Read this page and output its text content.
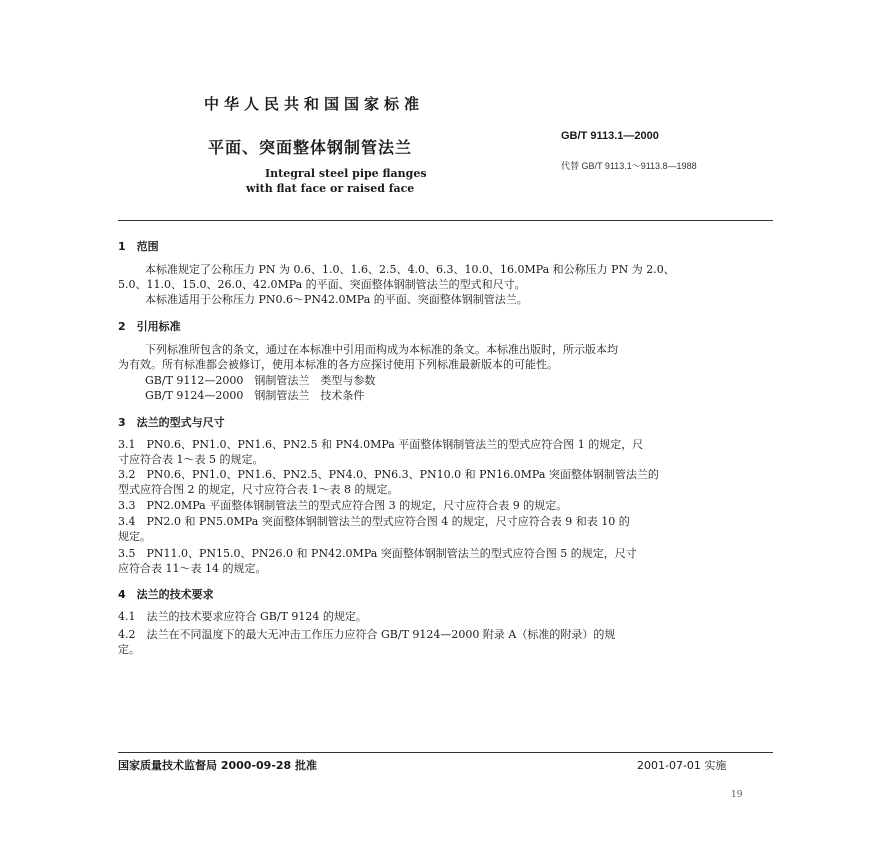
中华人民共和国国家标准
平面、突面整体钢制管法兰
Integral steel pipe flanges
with flat face or raised face
GB/T 9113.1—2000
代替 GB/T 9113.1～9113.8—1988
1　范围
本标准规定了公称压力 PN 为 0.6、1.0、1.6、2.5、4.0、6.3、10.0、16.0MPa 和公称压力 PN 为 2.0、
5.0、11.0、15.0、26.0、42.0MPa 的平面、突面整体钢制管法兰的型式和尺寸。
本标准适用于公称压力 PN0.6～PN42.0MPa 的平面、突面整体钢制管法兰。
2　引用标准
下列标准所包含的条文，通过在本标准中引用而构成为本标准的条文。本标准出版时，所示版本均
为有效。所有标准都会被修订，使用本标准的各方应探讨使用下列标准最新版本的可能性。
GB/T 9112—2000　钢制管法兰　类型与参数
GB/T 9124—2000　钢制管法兰　技术条件
3　法兰的型式与尺寸
3.1　PN0.6、PN1.0、PN1.6、PN2.5 和 PN4.0MPa 平面整体钢制管法兰的型式应符合图 1 的规定，尺
寸应符合表 1～表 5 的规定。
3.2　PN0.6、PN1.0、PN1.6、PN2.5、PN4.0、PN6.3、PN10.0 和 PN16.0MPa 突面整体钢制管法兰的
型式应符合图 2 的规定，尺寸应符合表 1～表 8 的规定。
3.3　PN2.0MPa 平面整体钢制管法兰的型式应符合图 3 的规定，尺寸应符合表 9 的规定。
3.4　PN2.0 和 PN5.0MPa 突面整体钢制管法兰的型式应符合图 4 的规定，尺寸应符合表 9 和表 10 的
规定。
3.5　PN11.0、PN15.0、PN26.0 和 PN42.0MPa 突面整体钢制管法兰的型式应符合图 5 的规定，尺寸
应符合表 11～表 14 的规定。
4　法兰的技术要求
4.1　法兰的技术要求应符合 GB/T 9124 的规定。
4.2　法兰在不同温度下的最大无冲击工作压力应符合 GB/T 9124—2000 附录 A（标准的附录）的规
定。
国家质量技术监督局 2000-09-28 批准	2001-07-01 实施
19
